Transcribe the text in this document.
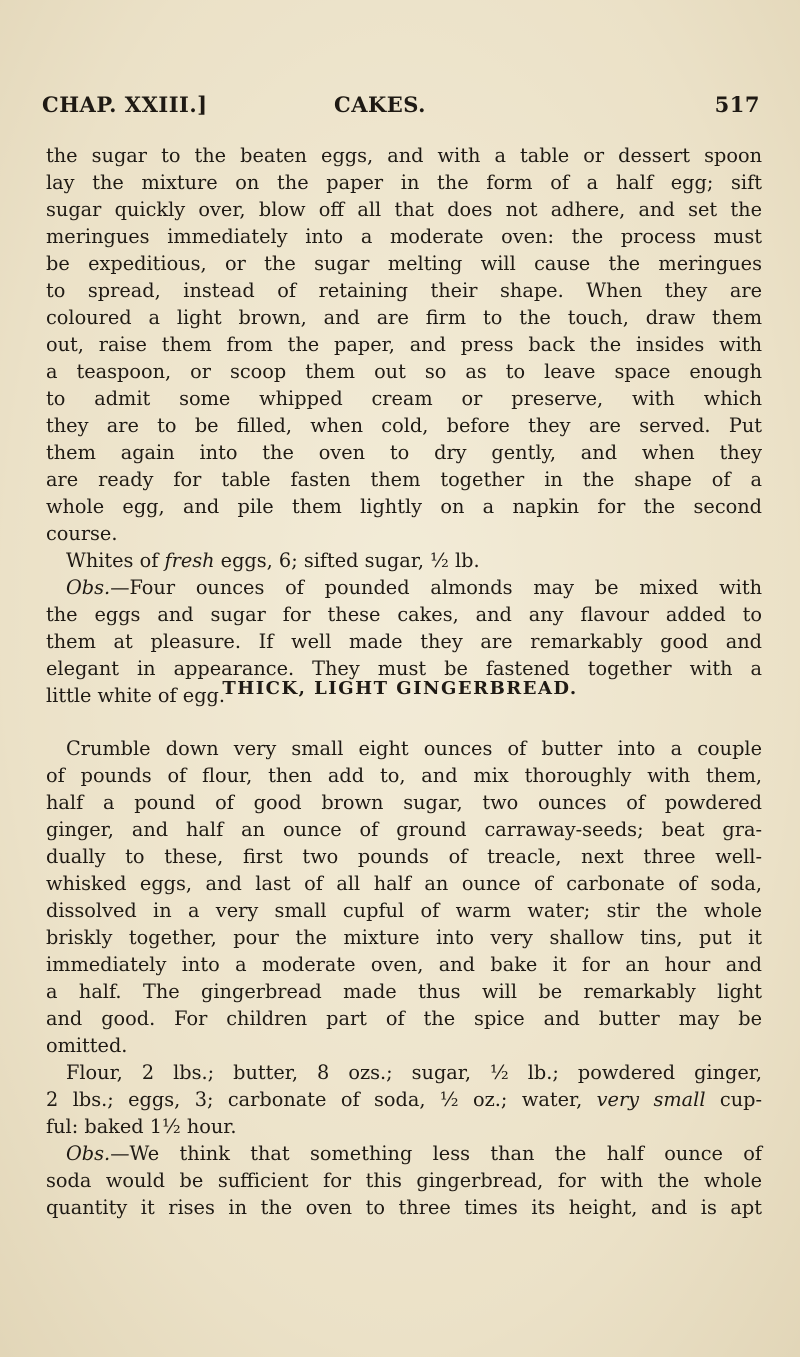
CHAP. XXIII.]	CAKES.	517
the sugar to the beaten eggs, and with a table or dessert spoon
lay the mixture on the paper in the form of a half egg; sift
sugar quickly over, blow off all that does not adhere, and set the
meringues immediately into a moderate oven: the process must
be expeditious, or the sugar melting will cause the meringues
to spread, instead of retaining their shape. When they are
coloured a light brown, and are firm to the touch, draw them
out, raise them from the paper, and press back the insides with
a teaspoon, or scoop them out so as to leave space enough
to admit some whipped cream or preserve, with which
they are to be filled, when cold, before they are served. Put
them again into the oven to dry gently, and when they
are ready for table fasten them together in the shape of a
whole egg, and pile them lightly on a napkin for the second
course.
Whites of fresh eggs, 6; sifted sugar, ½ lb.
Obs.—Four ounces of pounded almonds may be mixed with
the eggs and sugar for these cakes, and any flavour added to
them at pleasure. If well made they are remarkably good and
elegant in appearance. They must be fastened together with a
little white of egg.
THICK, LIGHT GINGERBREAD.
Crumble down very small eight ounces of butter into a couple
of pounds of flour, then add to, and mix thoroughly with them,
half a pound of good brown sugar, two ounces of powdered
ginger, and half an ounce of ground carraway-seeds; beat gra-
dually to these, first two pounds of treacle, next three well-
whisked eggs, and last of all half an ounce of carbonate of soda,
dissolved in a very small cupful of warm water; stir the whole
briskly together, pour the mixture into very shallow tins, put it
immediately into a moderate oven, and bake it for an hour and
a half. The gingerbread made thus will be remarkably light
and good. For children part of the spice and butter may be
omitted.
Flour, 2 lbs.; butter, 8 ozs.; sugar, ½ lb.; powdered ginger,
2 lbs.; eggs, 3; carbonate of soda, ½ oz.; water, very small cup-
ful: baked 1½ hour.
Obs.—We think that something less than the half ounce of
soda would be sufficient for this gingerbread, for with the whole
quantity it rises in the oven to three times its height, and is apt
